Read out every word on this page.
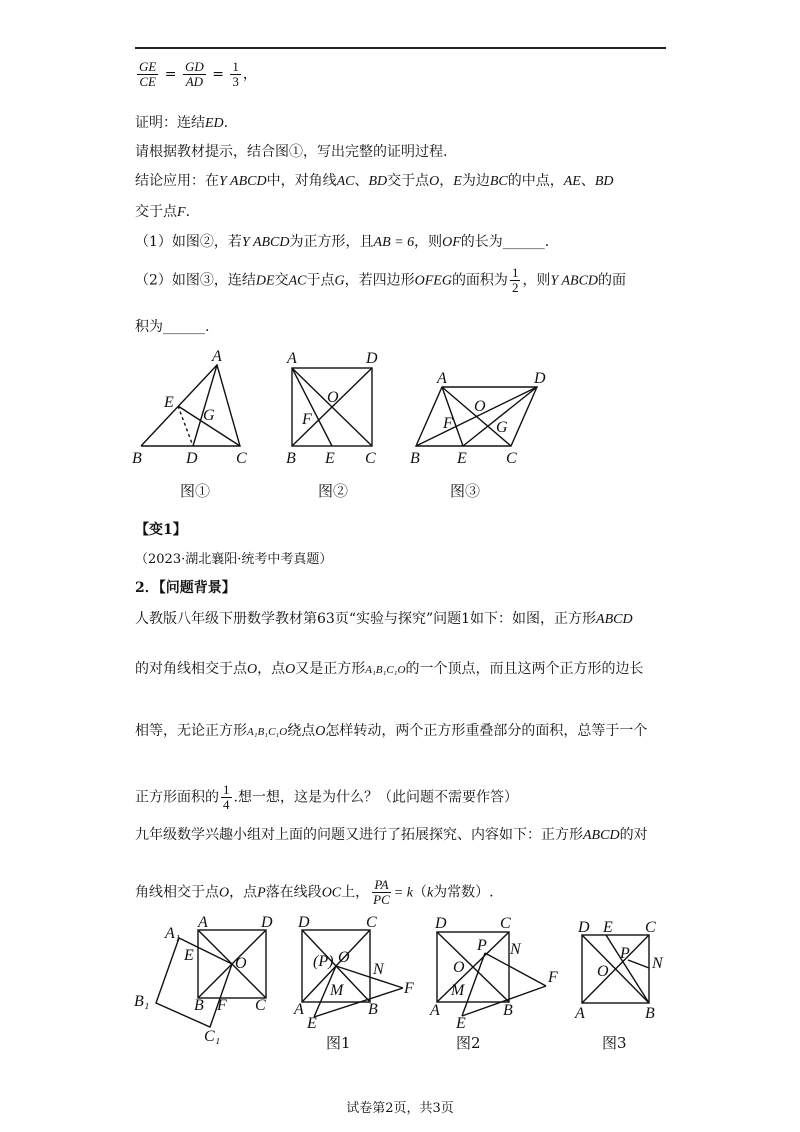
$\frac{GE}{CE} = \frac{GD}{AD} = \frac{1}{3}$ ，
证明：连结ED.
请根据教材提示，结合图①，写出完整的证明过程.
结论应用：在Y ABCD中，对角线AC、BD交于点O，E为边BC的中点，AE、BD
交于点F.
（1）如图②，若Y ABCD为正方形，且AB = 6，则OF的长为______.
（2）如图③，连结DE交AC于点G，若四边形OFEG的面积为 $\frac{1}{2}$ ，则Y ABCD的面
积为______.
A
E
G
B	D C
A	D
O
F
B E C
A	D
O
F	G
B E C
图①	图②	图③
【变1】
（2023·湖北襄阳·统考中考真题）
2．【问题背景】
人教版八年级下册数学教材第63页“实验与探究”问题1如下：如图，正方形ABCD
的对角线相交于点O，点O又是正方形A₁B₁C₁O的一个顶点，而且这两个正方形的边长
相等，无论正方形A₁B₁C₁O绕点O怎样转动，两个正方形重叠部分的面积，总等于一个
正方形面积的 $\frac{1}{4}$ .想一想，这是为什么？（此问题不需要作答）
九年级数学兴趣小组对上面的问题又进行了拓展探究、内容如下：正方形ABCD的对
角线相交于点O，点P落在线段OC上， $\frac{PA}{PC} = k(k$为常数）.
A₁
A	D
E	O
B₁	B F C
C₁
D	C
(P) O
N
M	F
A	B
E
D	C
P N
O
F
M
A	B
E
D E C
P
N
O
A	B
图1	图2	图3
试卷第2页，共3页
